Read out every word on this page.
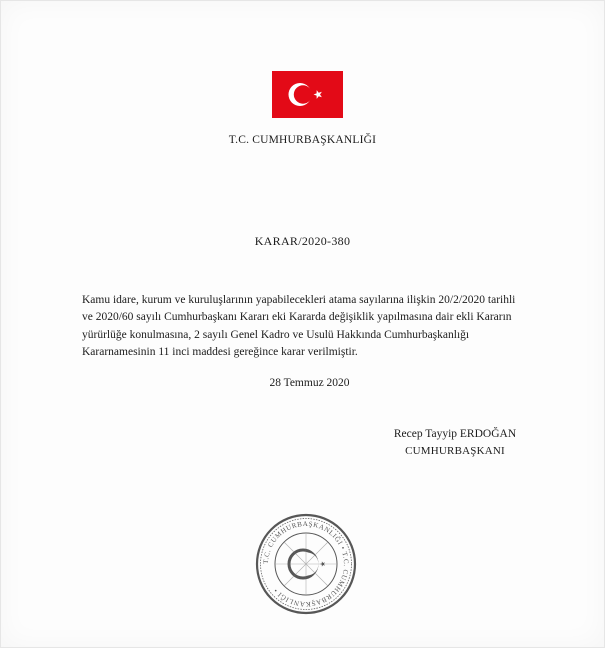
T.C. CUMHURBAŞKANLIĞI
KARAR/2020-380
Kamu idare, kurum ve kuruluşlarının yapabilecekleri atama sayılarına ilişkin 20/2/2020 tarihli
ve 2020/60 sayılı Cumhurbaşkanı Kararı eki Kararda değişiklik yapılmasına dair ekli Kararın
yürürlüğe konulmasına, 2 sayılı Genel Kadro ve Usulü Hakkında Cumhurbaşkanlığı
Kararnamesinin 11 inci maddesi gereğince karar verilmiştir.
28 Temmuz 2020
Recep Tayyip ERDOĞAN
CUMHURBAŞKANI
T.C. CUMHURBAŞKANLIĞI • T.C. CUMHURBAŞKANLIĞI •
